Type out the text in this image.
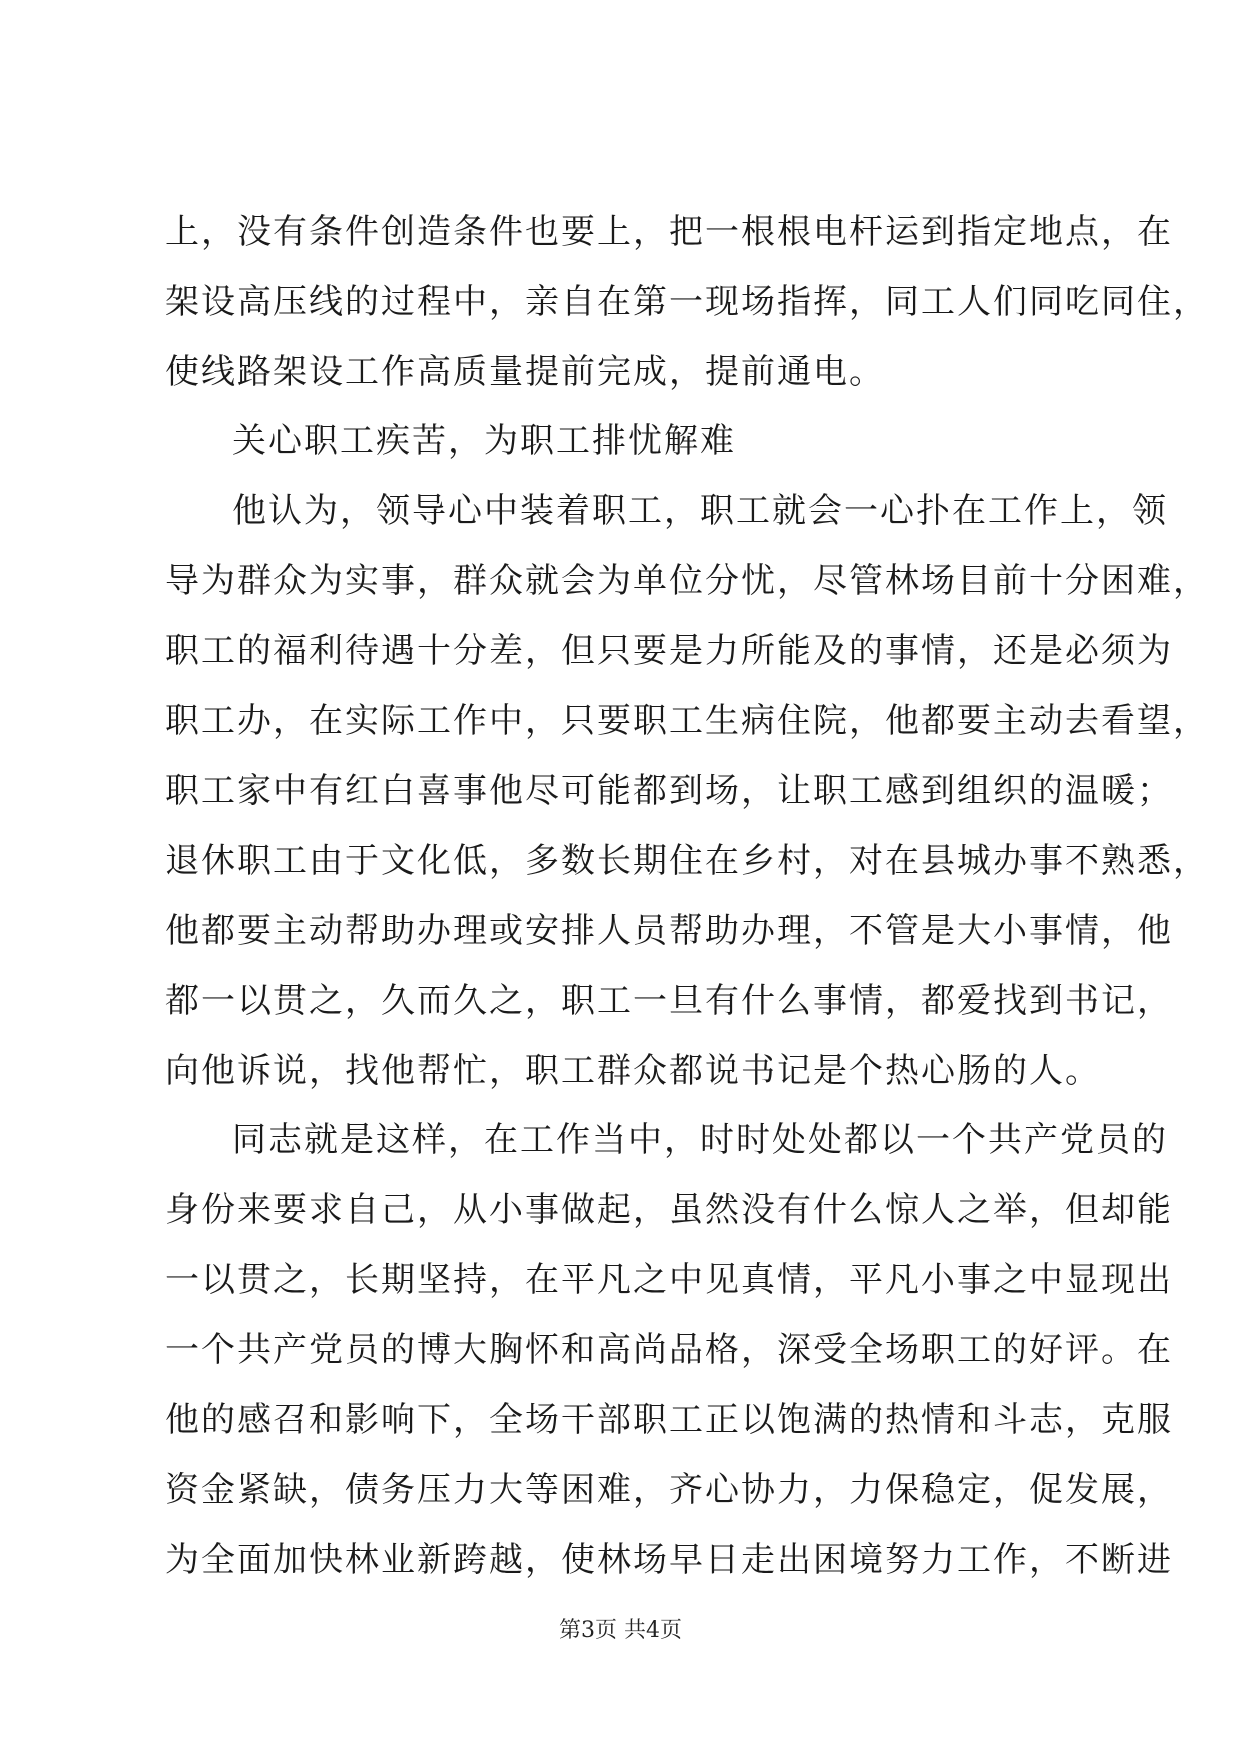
上，没有条件创造条件也要上，把一根根电杆运到指定地点，在
架设高压线的过程中，亲自在第一现场指挥，同工人们同吃同住，
使线路架设工作高质量提前完成，提前通电。
关心职工疾苦，为职工排忧解难
他认为，领导心中装着职工，职工就会一心扑在工作上，领
导为群众为实事，群众就会为单位分忧，尽管林场目前十分困难，
职工的福利待遇十分差，但只要是力所能及的事情，还是必须为
职工办，在实际工作中，只要职工生病住院，他都要主动去看望，
职工家中有红白喜事他尽可能都到场，让职工感到组织的温暖；
退休职工由于文化低，多数长期住在乡村，对在县城办事不熟悉，
他都要主动帮助办理或安排人员帮助办理，不管是大小事情，他
都一以贯之，久而久之，职工一旦有什么事情，都爱找到书记，
向他诉说，找他帮忙，职工群众都说书记是个热心肠的人。
同志就是这样，在工作当中，时时处处都以一个共产党员的
身份来要求自己，从小事做起，虽然没有什么惊人之举，但却能
一以贯之，长期坚持，在平凡之中见真情，平凡小事之中显现出
一个共产党员的博大胸怀和高尚品格，深受全场职工的好评。在
他的感召和影响下，全场干部职工正以饱满的热情和斗志，克服
资金紧缺，债务压力大等困难，齐心协力，力保稳定，促发展，
为全面加快林业新跨越，使林场早日走出困境努力工作，不断进
第3页 共4页
